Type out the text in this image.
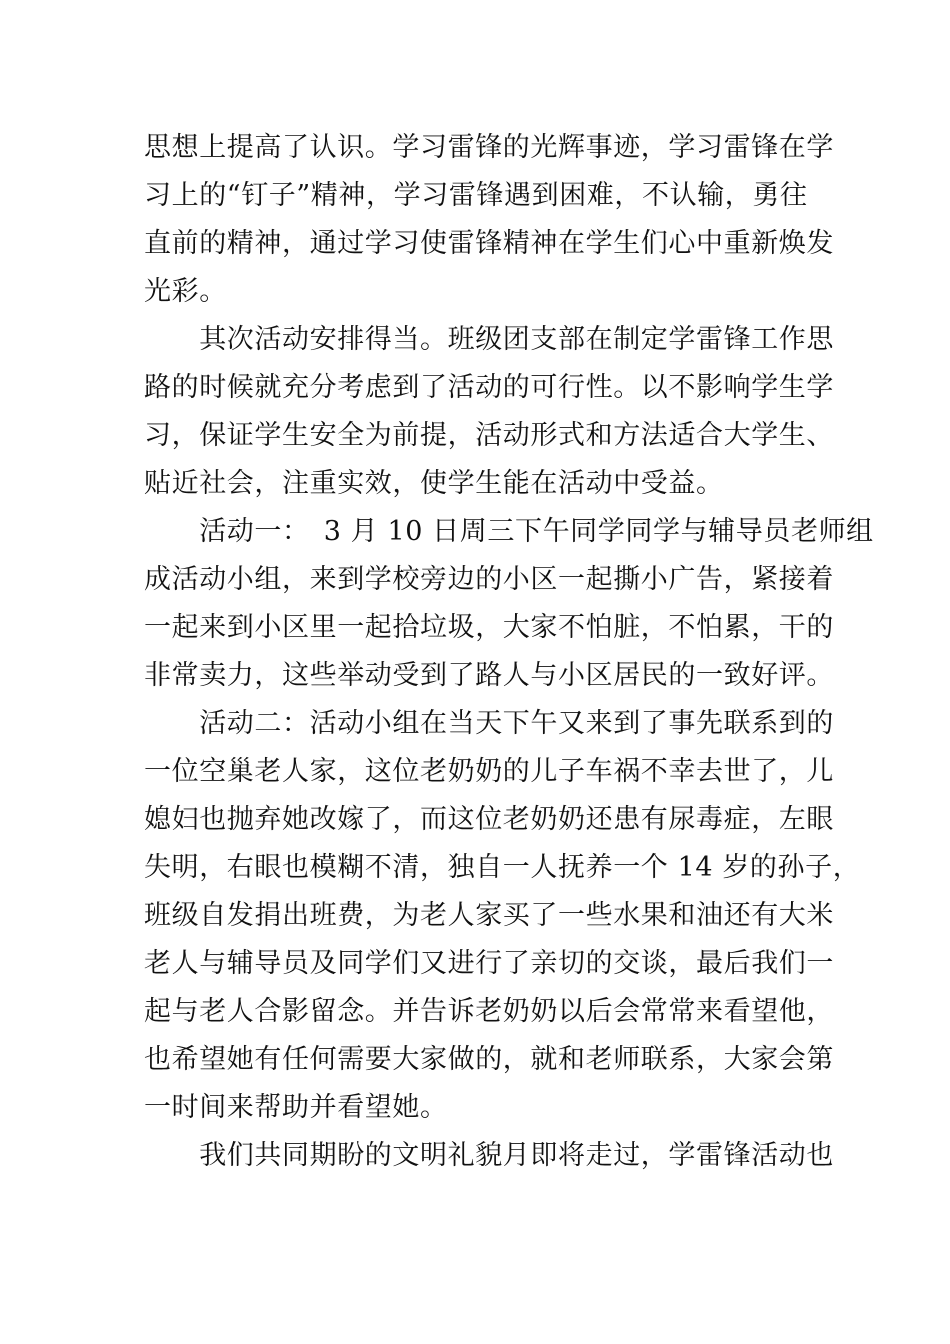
思想上提高了认识。学习雷锋的光辉事迹，学习雷锋在学
习上的“钉子”精神，学习雷锋遇到困难，不认输，勇往
直前的精神，通过学习使雷锋精神在学生们心中重新焕发
光彩。
　　其次活动安排得当。班级团支部在制定学雷锋工作思
路的时候就充分考虑到了活动的可行性。以不影响学生学
习，保证学生安全为前提，活动形式和方法适合大学生、
贴近社会，注重实效，使学生能在活动中受益。
　　活动一：　3 月 10 日周三下午同学同学与辅导员老师组
成活动小组，来到学校旁边的小区一起撕小广告，紧接着
一起来到小区里一起拾垃圾，大家不怕脏，不怕累，干的
非常卖力，这些举动受到了路人与小区居民的一致好评。
　　活动二：活动小组在当天下午又来到了事先联系到的
一位空巢老人家，这位老奶奶的儿子车祸不幸去世了，儿
媳妇也抛弃她改嫁了，而这位老奶奶还患有尿毒症，左眼
失明，右眼也模糊不清，独自一人抚养一个 14 岁的孙子，
班级自发捐出班费，为老人家买了一些水果和油还有大米
老人与辅导员及同学们又进行了亲切的交谈，最后我们一
起与老人合影留念。并告诉老奶奶以后会常常来看望他，
也希望她有任何需要大家做的，就和老师联系，大家会第
一时间来帮助并看望她。
　　我们共同期盼的文明礼貌月即将走过，学雷锋活动也
